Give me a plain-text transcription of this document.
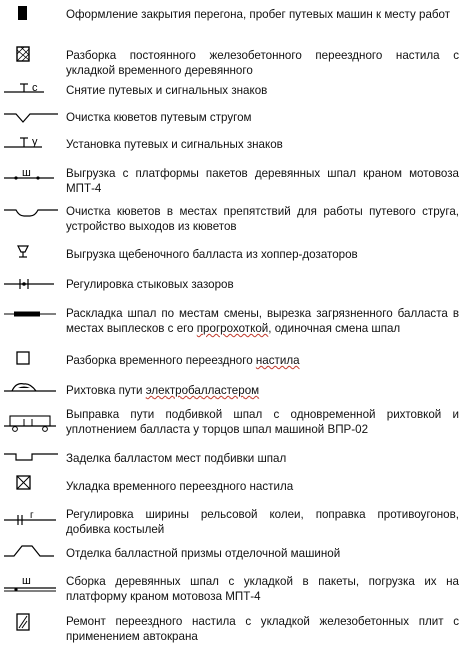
Оформление закрытия перегона, пробег путевых машин к месту работ
Разборка постоянного железобетонного переездного настила с укладкой временного деревянного
с Снятие путевых и сигнальных знаков
Очистка кюветов путевым стругом
у Установка путевых и сигнальных знаков
ш	Выгрузка с платформы пакетов деревянных шпал краном мотовоза МПТ-4
Очистка кюветов в местах препятствий для работы путевого струга, устройство выходов из кюветов
Выгрузка щебеночного балласта из хоппер-дозаторов
Регулировка стыковых зазоров
Раскладка шпал по местам смены, вырезка загрязненного балласта в местах выплесков с его прогрохоткой, одиночная смена шпал
Разборка временного переездного настила
Рихтовка пути электробалластером
Выправка пути подбивкой шпал с одновременной рихтовкой и уплотнением балласта у торцов шпал машиной ВПР-02
Заделка балластом мест подбивки шпал
Укладка временного переездного настила
г	Регулировка ширины рельсовой колеи, поправка противоугонов, добивка костылей
Отделка балластной призмы отделочной машиной
ш	Сборка деревянных шпал с укладкой в пакеты, погрузка их на платформу краном мотовоза МПТ-4
Ремонт переездного настила с укладкой железобетонных плит с применением автокрана
